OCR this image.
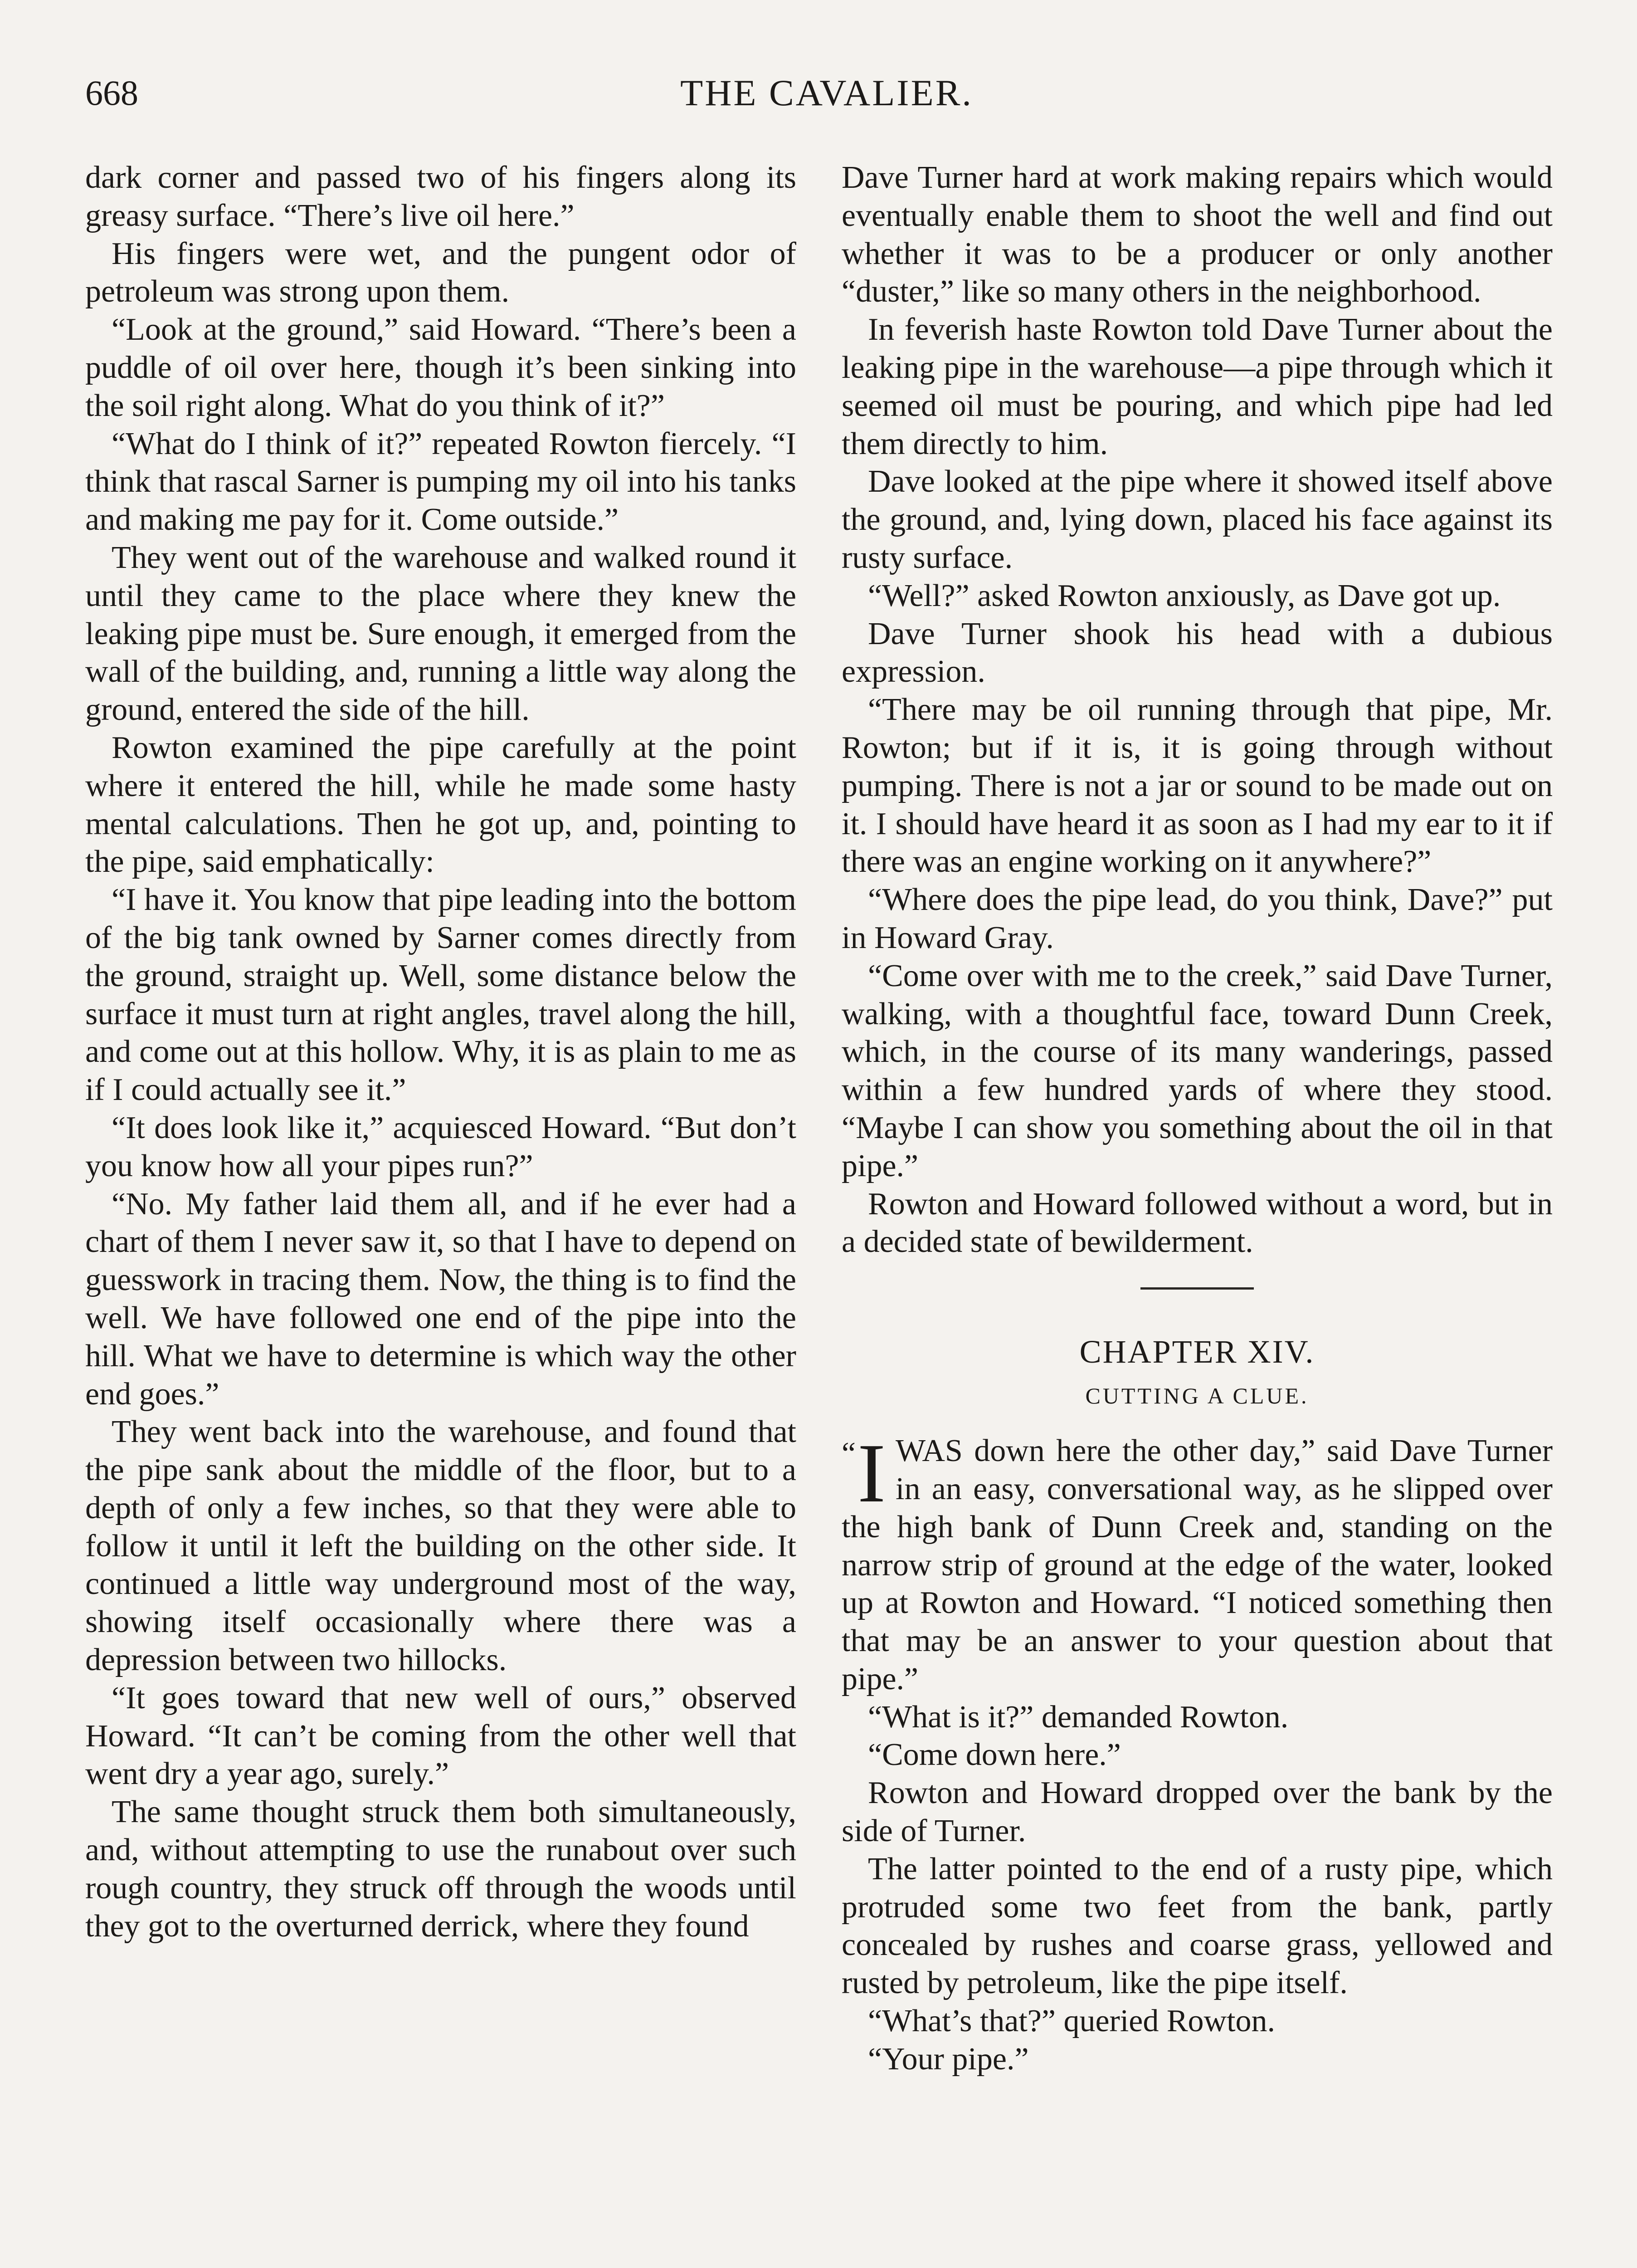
668	THE CAVALIER.

dark corner and passed two of his fingers along its greasy surface. “There’s live oil here.”

His fingers were wet, and the pungent odor of petroleum was strong upon them.

“Look at the ground,” said Howard. “There’s been a puddle of oil over here, though it’s been sinking into the soil right along. What do you think of it?”

“What do I think of it?” repeated Rowton fiercely. “I think that rascal Sarner is pumping my oil into his tanks and making me pay for it. Come outside.”

They went out of the warehouse and walked round it until they came to the place where they knew the leaking pipe must be. Sure enough, it emerged from the wall of the building, and, running a little way along the ground, entered the side of the hill.

Rowton examined the pipe carefully at the point where it entered the hill, while he made some hasty mental calculations. Then he got up, and, pointing to the pipe, said emphatically:

“I have it. You know that pipe leading into the bottom of the big tank owned by Sarner comes directly from the ground, straight up. Well, some distance below the surface it must turn at right angles, travel along the hill, and come out at this hollow. Why, it is as plain to me as if I could actually see it.”

“It does look like it,” acquiesced Howard. “But don’t you know how all your pipes run?”

“No. My father laid them all, and if he ever had a chart of them I never saw it, so that I have to depend on guesswork in tracing them. Now, the thing is to find the well. We have followed one end of the pipe into the hill. What we have to determine is which way the other end goes.”

They went back into the warehouse, and found that the pipe sank about the middle of the floor, but to a depth of only a few inches, so that they were able to follow it until it left the building on the other side. It continued a little way underground most of the way, showing itself occasionally where there was a depression between two hillocks.

“It goes toward that new well of ours,” observed Howard. “It can’t be coming from the other well that went dry a year ago, surely.”

The same thought struck them both simultaneously, and, without attempting to use the runabout over such rough country, they struck off through the woods until they got to the overturned derrick, where they found

Dave Turner hard at work making repairs which would eventually enable them to shoot the well and find out whether it was to be a producer or only another “duster,” like so many others in the neighborhood.

In feverish haste Rowton told Dave Turner about the leaking pipe in the warehouse—a pipe through which it seemed oil must be pouring, and which pipe had led them directly to him.

Dave looked at the pipe where it showed itself above the ground, and, lying down, placed his face against its rusty surface.

“Well?” asked Rowton anxiously, as Dave got up.

Dave Turner shook his head with a dubious expression.

“There may be oil running through that pipe, Mr. Rowton; but if it is, it is going through without pumping. There is not a jar or sound to be made out on it. I should have heard it as soon as I had my ear to it if there was an engine working on it anywhere?”

“Where does the pipe lead, do you think, Dave?” put in Howard Gray.

“Come over with me to the creek,” said Dave Turner, walking, with a thoughtful face, toward Dunn Creek, which, in the course of its many wanderings, passed within a few hundred yards of where they stood. “Maybe I can show you something about the oil in that pipe.”

Rowton and Howard followed without a word, but in a decided state of bewilderment.

CHAPTER XIV.
CUTTING A CLUE.

“ I WAS down here the other day,” said Dave Turner in an easy, conversational way, as he slipped over the high bank of Dunn Creek and, standing on the narrow strip of ground at the edge of the water, looked up at Rowton and Howard. “I noticed something then that may be an answer to your question about that pipe.”

“What is it?” demanded Rowton.

“Come down here.”

Rowton and Howard dropped over the bank by the side of Turner.

The latter pointed to the end of a rusty pipe, which protruded some two feet from the bank, partly concealed by rushes and coarse grass, yellowed and rusted by petroleum, like the pipe itself.

“What’s that?” queried Rowton.

“Your pipe.”
